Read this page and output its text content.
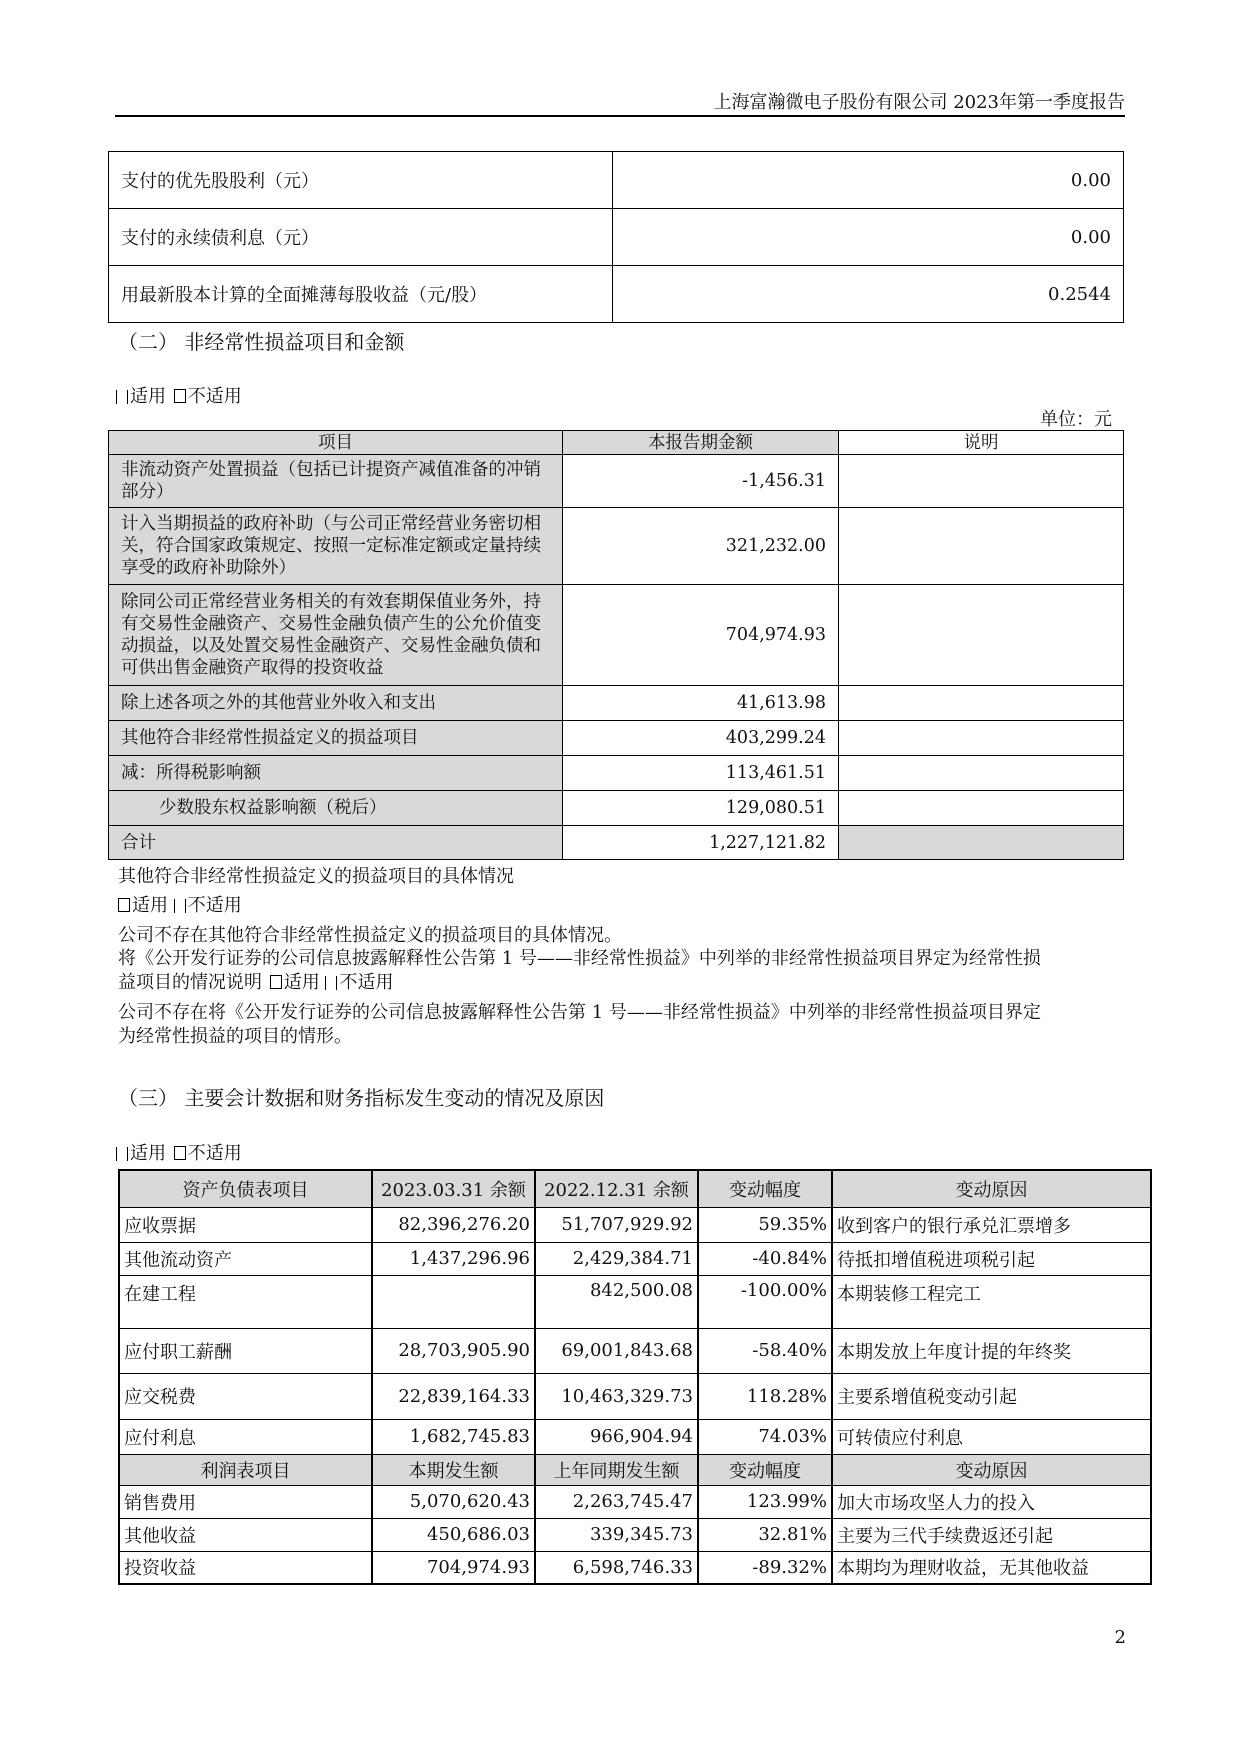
上海富瀚微电子股份有限公司 2023年第一季度报告
支付的优先股股利（元）	0.00
支付的永续债利息（元）	0.00
用最新股本计算的全面摊薄每股收益（元/股）	0.2544
（二） 非经常性损益项目和金额
适用 不适用
单位：元
项目	本报告期金额	说明
非流动资产处置损益（包括已计提资产减值准备的冲销部分）	-1,456.31	
计入当期损益的政府补助（与公司正常经营业务密切相关，符合国家政策规定、按照一定标准定额或定量持续享受的政府补助除外）	321,232.00	
除同公司正常经营业务相关的有效套期保值业务外，持有交易性金融资产、交易性金融负债产生的公允价值变动损益，以及处置交易性金融资产、交易性金融负债和可供出售金融资产取得的投资收益	704,974.93	
除上述各项之外的其他营业外收入和支出	41,613.98	
其他符合非经常性损益定义的损益项目	403,299.24	
减：所得税影响额	113,461.51	
少数股东权益影响额（税后）	129,080.51	
合计	1,227,121.82	
其他符合非经常性损益定义的损益项目的具体情况
适用 不适用
公司不存在其他符合非经常性损益定义的损益项目的具体情况。
将《公开发行证券的公司信息披露解释性公告第 1 号——非经常性损益》中列举的非经常性损益项目界定为经常性损
益项目的情况说明 适用 不适用
公司不存在将《公开发行证券的公司信息披露解释性公告第 1 号——非经常性损益》中列举的非经常性损益项目界定
为经常性损益的项目的情形。
（三） 主要会计数据和财务指标发生变动的情况及原因
适用 不适用
资产负债表项目	2023.03.31 余额	2022.12.31 余额	变动幅度	变动原因
应收票据	82,396,276.20	51,707,929.92	59.35%	收到客户的银行承兑汇票增多
其他流动资产	1,437,296.96	2,429,384.71	-40.84%	待抵扣增值税进项税引起
在建工程		842,500.08	-100.00%	本期装修工程完工
应付职工薪酬	28,703,905.90	69,001,843.68	-58.40%	本期发放上年度计提的年终奖
应交税费	22,839,164.33	10,463,329.73	118.28%	主要系增值税变动引起
应付利息	1,682,745.83	966,904.94	74.03%	可转债应付利息
利润表项目	本期发生额	上年同期发生额	变动幅度	变动原因
销售费用	5,070,620.43	2,263,745.47	123.99%	加大市场攻坚人力的投入
其他收益	450,686.03	339,345.73	32.81%	主要为三代手续费返还引起
投资收益	704,974.93	6,598,746.33	-89.32%	本期均为理财收益，无其他收益
2
